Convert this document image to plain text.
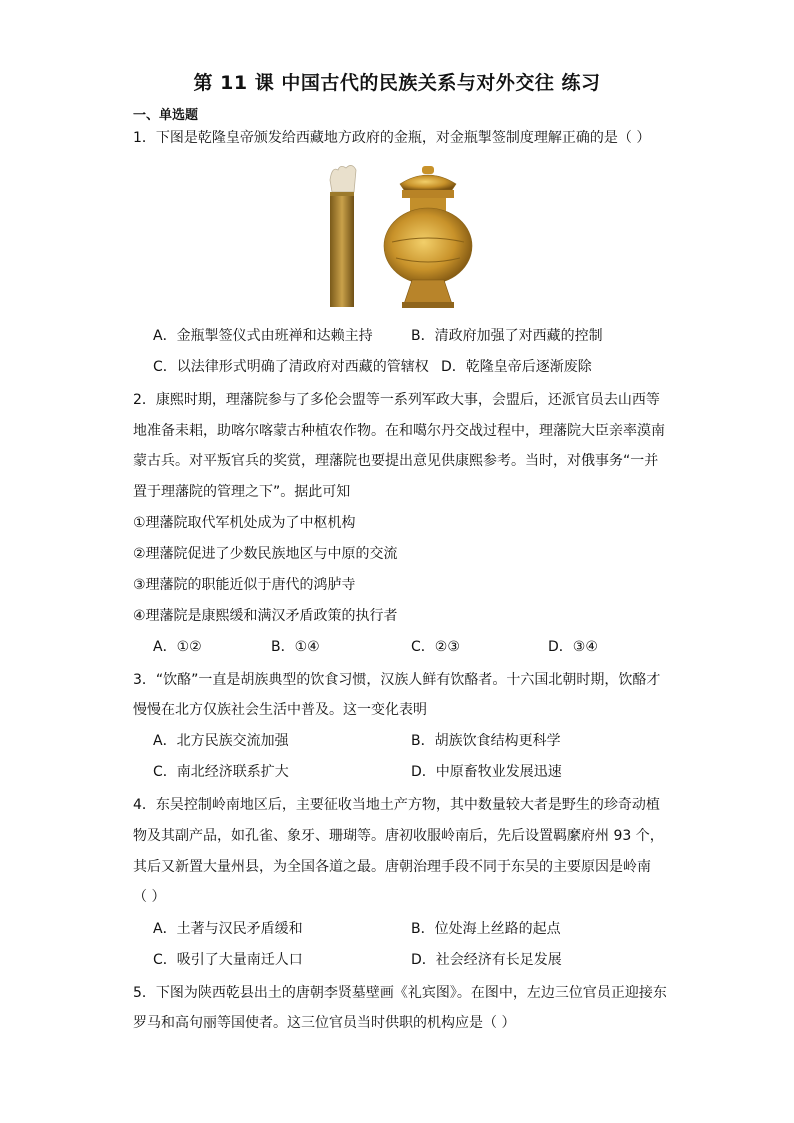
第 11 课 中国古代的民族关系与对外交往 练习
一、单选题
1．下图是乾隆皇帝颁发给西藏地方政府的金瓶，对金瓶掣签制度理解正确的是（ ）
A．金瓶掣签仪式由班禅和达赖主持	B．清政府加强了对西藏的控制
C．以法律形式明确了清政府对西藏的管辖权 D．乾隆皇帝后逐渐废除
2．康熙时期，理藩院参与了多伦会盟等一系列军政大事，会盟后，还派官员去山西等
地准备耒耜，助喀尔喀蒙古种植农作物。在和噶尔丹交战过程中，理藩院大臣亲率漠南
蒙古兵。对平叛官兵的奖赏，理藩院也要提出意见供康熙参考。当时，对俄事务“一并
置于理藩院的管理之下”。据此可知
①理藩院取代军机处成为了中枢机构
②理藩院促进了少数民族地区与中原的交流
③理藩院的职能近似于唐代的鸿胪寺
④理藩院是康熙缓和满汉矛盾政策的执行者
A．①②	B．①④	C．②③	D．③④
3．“饮酪”一直是胡族典型的饮食习惯，汉族人鲜有饮酪者。十六国北朝时期，饮酪才
慢慢在北方仅族社会生活中普及。这一变化表明
A．北方民族交流加强	B．胡族饮食结构更科学
C．南北经济联系扩大	D．中原畜牧业发展迅速
4．东吴控制岭南地区后，主要征收当地土产方物，其中数量较大者是野生的珍奇动植
物及其副产品，如孔雀、象牙、珊瑚等。唐初收服岭南后，先后设置羁縻府州 93 个，
其后又新置大量州县，为全国各道之最。唐朝治理手段不同于东吴的主要原因是岭南
（ ）
A．土著与汉民矛盾缓和	B．位处海上丝路的起点
C．吸引了大量南迁人口	D．社会经济有长足发展
5．下图为陕西乾县出土的唐朝李贤墓壁画《礼宾图》。在图中，左边三位官员正迎接东
罗马和高句丽等国使者。这三位官员当时供职的机构应是（ ）
